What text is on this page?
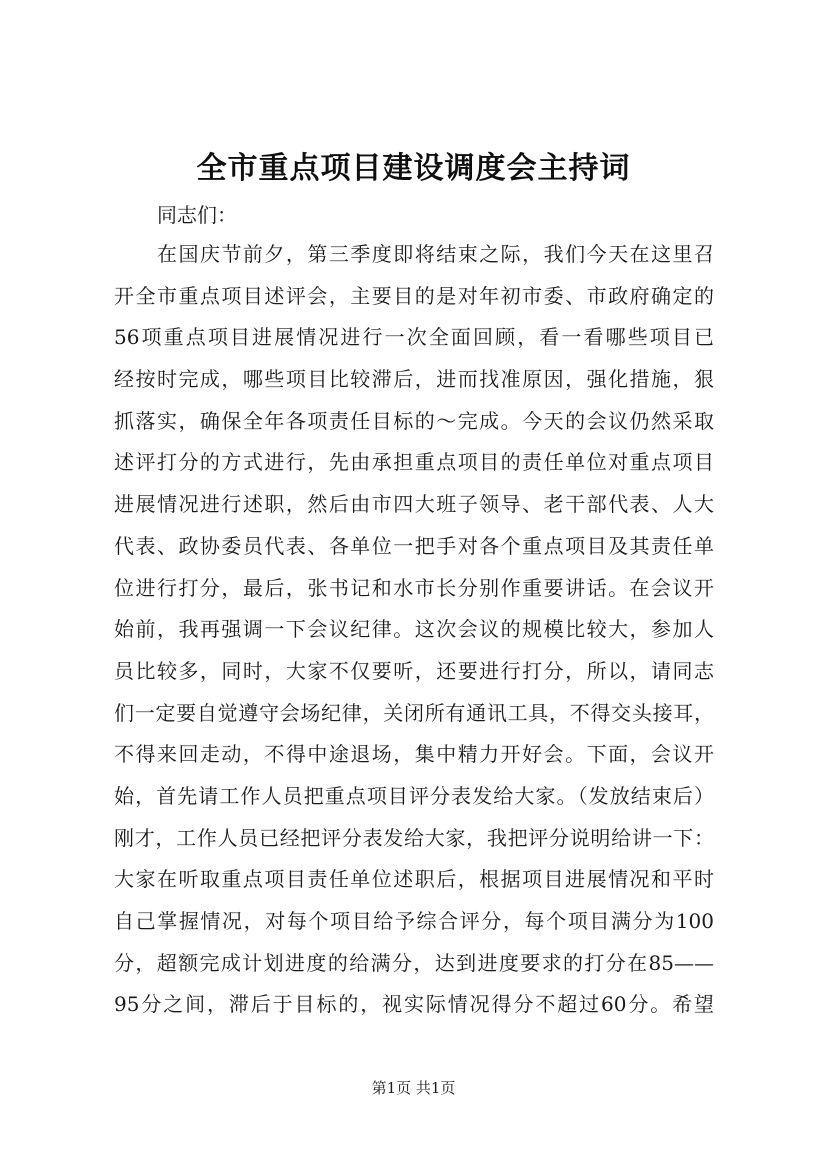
全市重点项目建设调度会主持词
同志们：
在国庆节前夕，第三季度即将结束之际，我们今天在这里召
开全市重点项目述评会，主要目的是对年初市委、市政府确定的
56项重点项目进展情况进行一次全面回顾，看一看哪些项目已
经按时完成，哪些项目比较滞后，进而找准原因，强化措施，狠
抓落实，确保全年各项责任目标的～完成。今天的会议仍然采取
述评打分的方式进行，先由承担重点项目的责任单位对重点项目
进展情况进行述职，然后由市四大班子领导、老干部代表、人大
代表、政协委员代表、各单位一把手对各个重点项目及其责任单
位进行打分，最后，张书记和水市长分别作重要讲话。在会议开
始前，我再强调一下会议纪律。这次会议的规模比较大，参加人
员比较多，同时，大家不仅要听，还要进行打分，所以，请同志
们一定要自觉遵守会场纪律，关闭所有通讯工具，不得交头接耳，
不得来回走动，不得中途退场，集中精力开好会。下面，会议开
始，首先请工作人员把重点项目评分表发给大家。（发放结束后）
刚才，工作人员已经把评分表发给大家，我把评分说明给讲一下：
大家在听取重点项目责任单位述职后，根据项目进展情况和平时
自己掌握情况，对每个项目给予综合评分，每个项目满分为100
分，超额完成计划进度的给满分，达到进度要求的打分在85——
95分之间，滞后于目标的，视实际情况得分不超过60分。希望
第1页 共1页
